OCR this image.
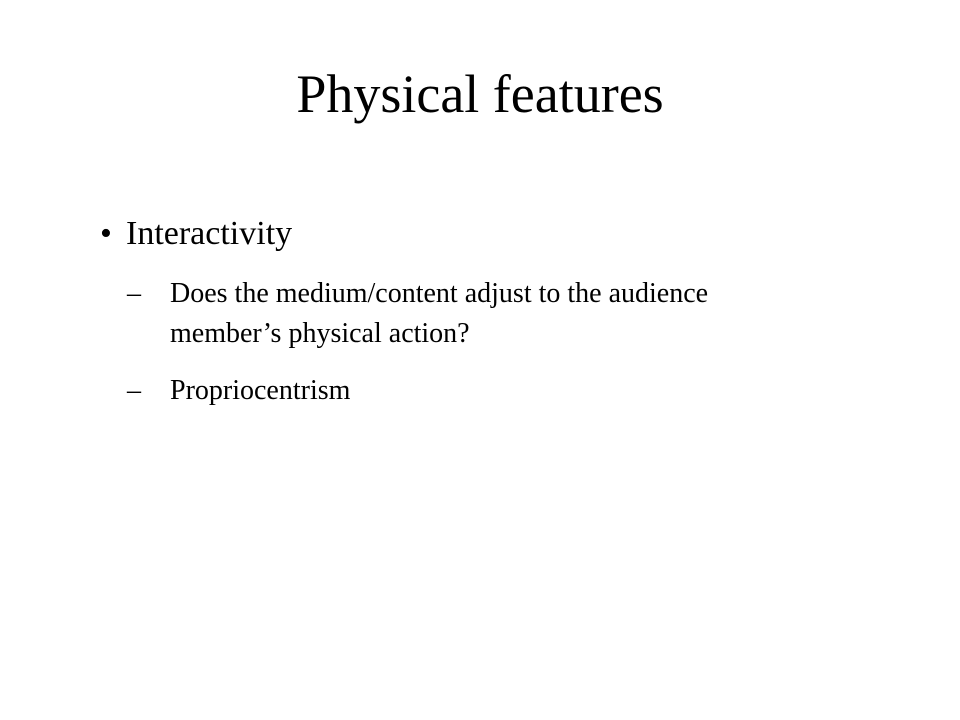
Physical features
• Interactivity
– Does the medium/content adjust to the audience
member’s physical action?
– Propriocentrism
